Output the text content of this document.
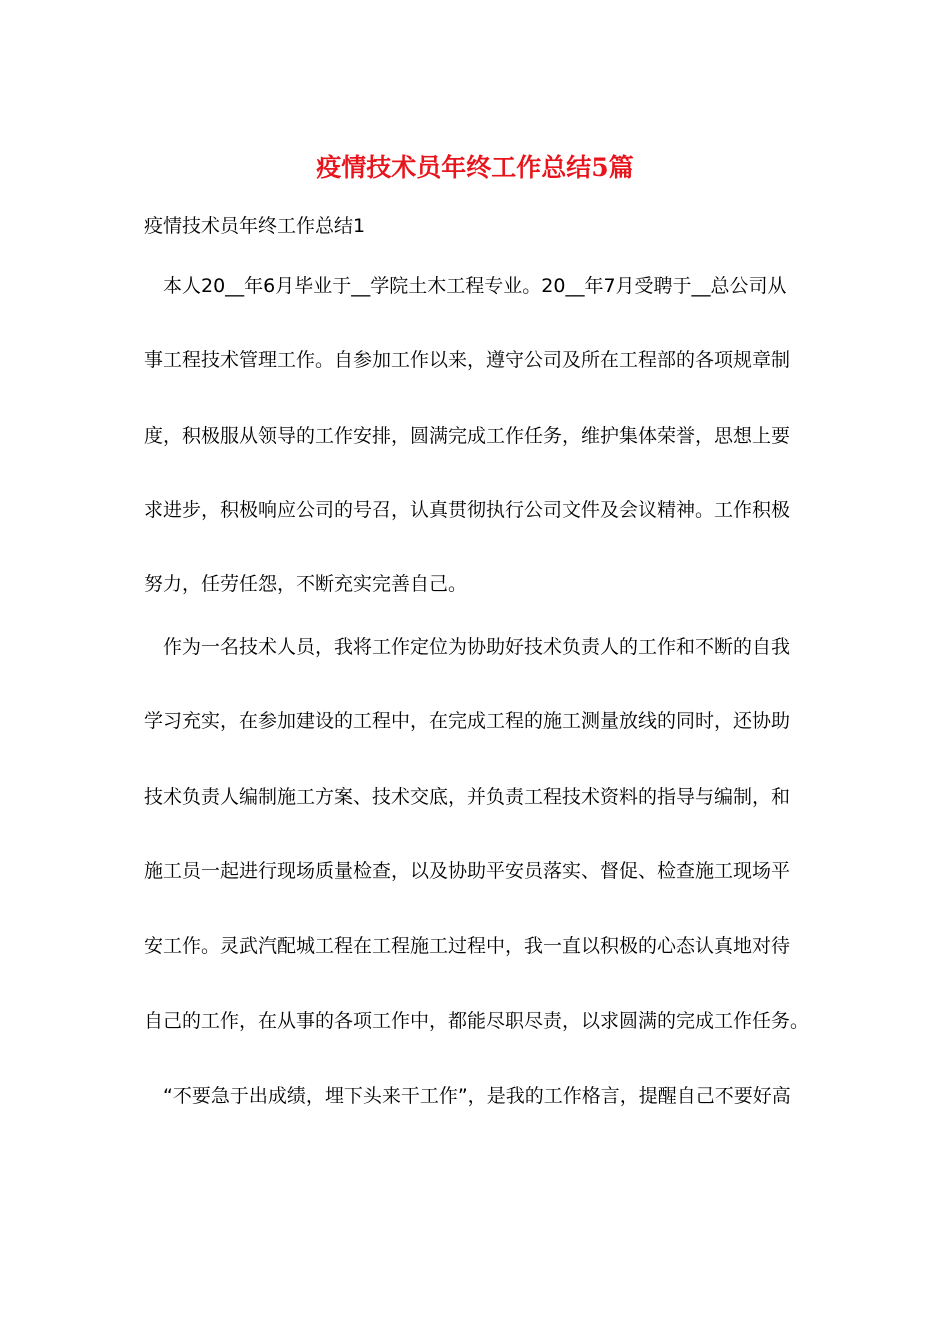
疫情技术员年终工作总结5篇

疫情技术员年终工作总结1

本人20__年6月毕业于__学院土木工程专业。20__年7月受聘于__总公司从

事工程技术管理工作。自参加工作以来，遵守公司及所在工程部的各项规章制

度，积极服从领导的工作安排，圆满完成工作任务，维护集体荣誉，思想上要

求进步，积极响应公司的号召，认真贯彻执行公司文件及会议精神。工作积极

努力，任劳任怨，不断充实完善自己。

作为一名技术人员，我将工作定位为协助好技术负责人的工作和不断的自我

学习充实，在参加建设的工程中，在完成工程的施工测量放线的同时，还协助

技术负责人编制施工方案、技术交底，并负责工程技术资料的指导与编制，和

施工员一起进行现场质量检查，以及协助平安员落实、督促、检查施工现场平

安工作。灵武汽配城工程在工程施工过程中，我一直以积极的心态认真地对待

自己的工作，在从事的各项工作中，都能尽职尽责，以求圆满的完成工作任务。

“不要急于出成绩，埋下头来干工作”，是我的工作格言，提醒自己不要好高
